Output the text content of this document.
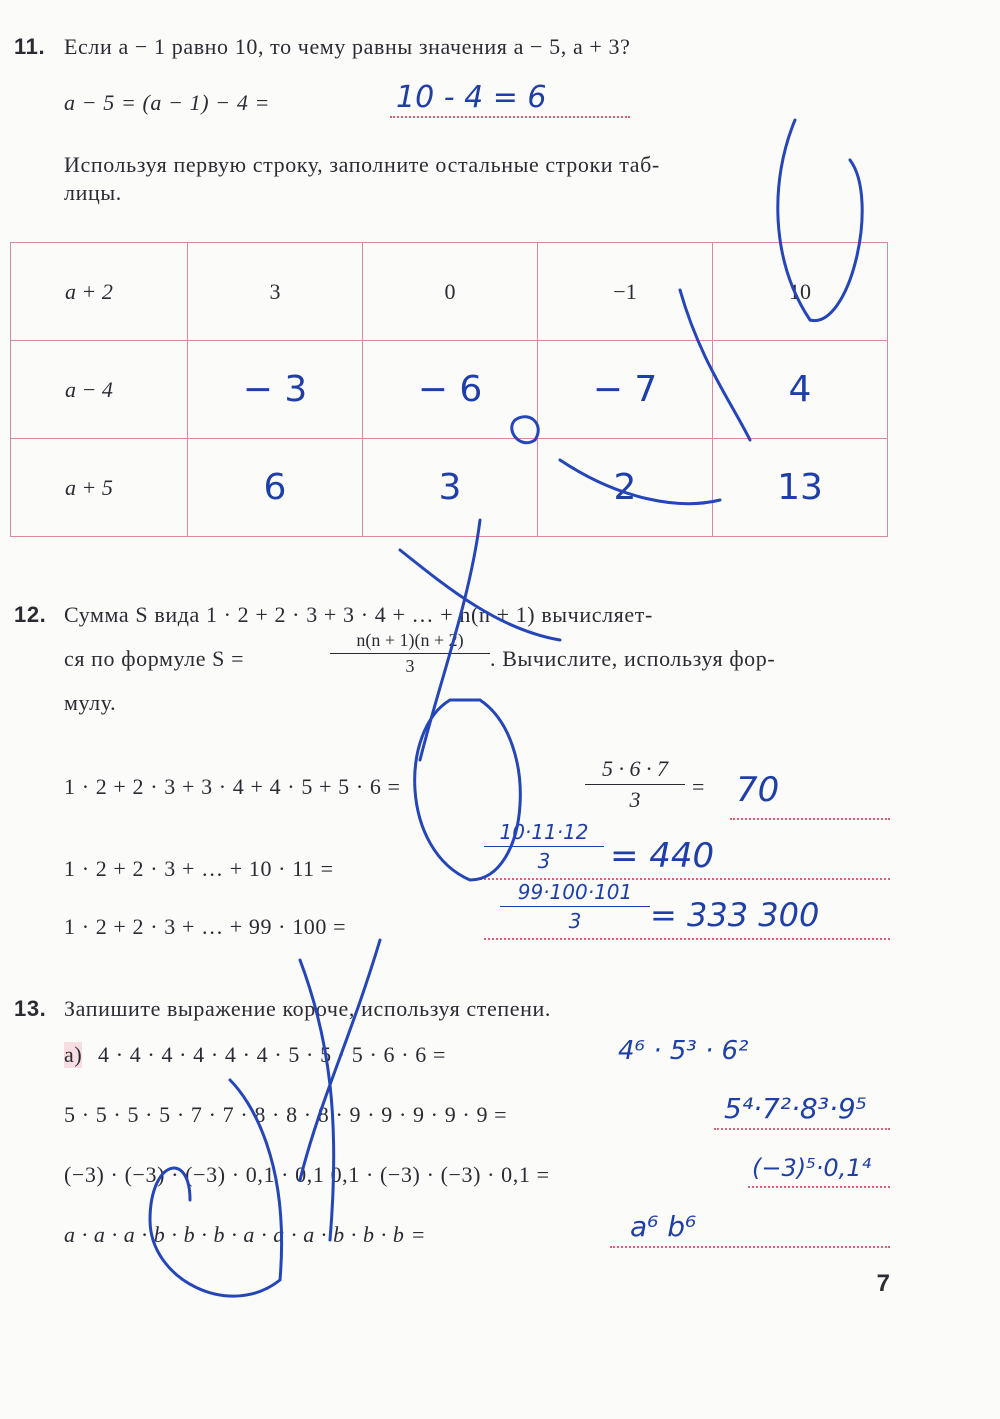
11. Если a − 1 равно 10, то чему равны значения a − 5, a + 3?
a − 5 = (a − 1) − 4 =	10 - 4 = 6
Используя первую строку, заполните остальные строки таб-
лицы.
a + 2	3	0	−1	10
a − 4	− 3	− 6	− 7	4
a + 5	6	3	2	13
12. Сумма S вида 1 · 2 + 2 · 3 + 3 · 4 + … + n(n + 1) вычисляет-
ся по формуле S =
n(n + 1)(n + 2)
3	. Вычислите, используя фор-
мулу.
1 · 2 + 2 · 3 + 3 · 4 + 4 · 5 + 5 · 6 =
5 · 6 · 7
3
= 70
1 · 2 + 2 · 3 + … + 10 · 11 =
10·11·12
3	= 440
1 · 2 + 2 · 3 + … + 99 · 100 =
99·100·101
3	= 333 300
13. Запишите выражение короче, используя степени.
а) 4 · 4 · 4 · 4 · 4 · 4 · 5 · 5 · 5 · 6 · 6 =	4⁶ · 5³ · 6²
5 · 5 · 5 · 5 · 7 · 7 · 8 · 8 · 8 · 9 · 9 · 9 · 9 · 9 =	5⁴·7²·8³·9⁵
(−3) · (−3) · (−3) · 0,1 · 0,1 0,1 · (−3) · (−3) · 0,1 =	(−3)⁵·0,1⁴
a · a · a · b · b · b · a · a · a · b · b · b =	a⁶ b⁶
7
